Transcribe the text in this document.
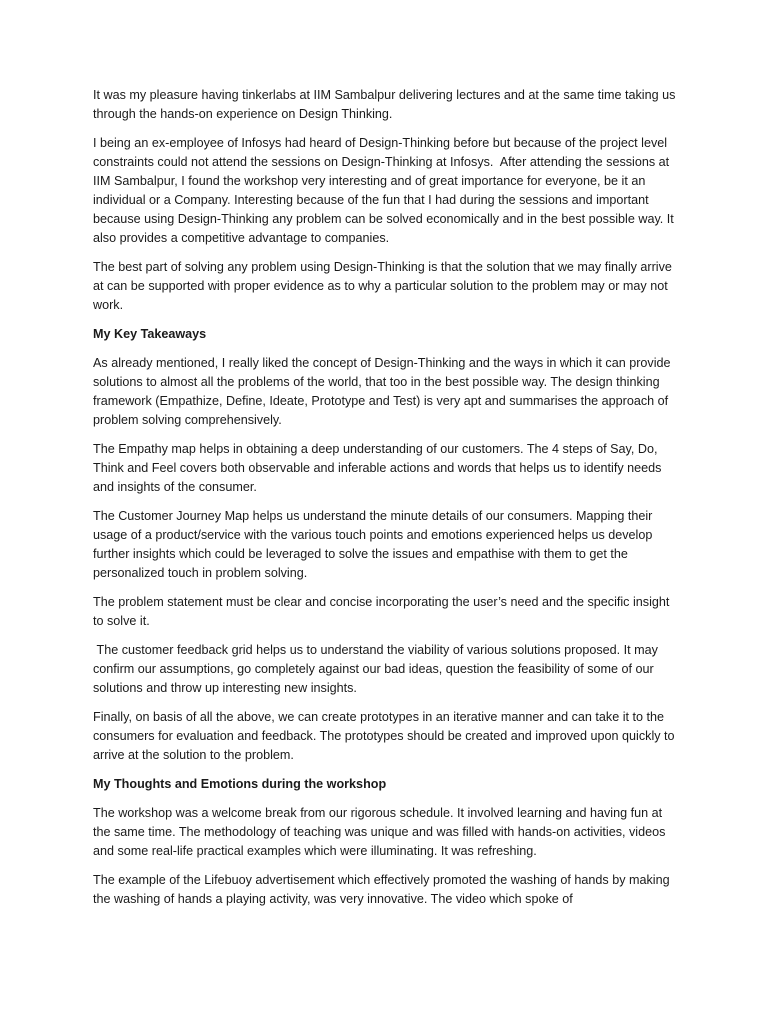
It was my pleasure having tinkerlabs at IIM Sambalpur delivering lectures and at the same time taking us through the hands-on experience on Design Thinking.

I being an ex-employee of Infosys had heard of Design-Thinking before but because of the project level constraints could not attend the sessions on Design-Thinking at Infosys.  After attending the sessions at IIM Sambalpur, I found the workshop very interesting and of great importance for everyone, be it an individual or a Company. Interesting because of the fun that I had during the sessions and important because using Design-Thinking any problem can be solved economically and in the best possible way. It also provides a competitive advantage to companies.

The best part of solving any problem using Design-Thinking is that the solution that we may finally arrive at can be supported with proper evidence as to why a particular solution to the problem may or may not work.

My Key Takeaways

As already mentioned, I really liked the concept of Design-Thinking and the ways in which it can provide solutions to almost all the problems of the world, that too in the best possible way. The design thinking framework (Empathize, Define, Ideate, Prototype and Test) is very apt and summarises the approach of problem solving comprehensively.

The Empathy map helps in obtaining a deep understanding of our customers. The 4 steps of Say, Do, Think and Feel covers both observable and inferable actions and words that helps us to identify needs and insights of the consumer.

The Customer Journey Map helps us understand the minute details of our consumers. Mapping their usage of a product/service with the various touch points and emotions experienced helps us develop further insights which could be leveraged to solve the issues and empathise with them to get the personalized touch in problem solving.

The problem statement must be clear and concise incorporating the user’s need and the specific insight to solve it.

The customer feedback grid helps us to understand the viability of various solutions proposed. It may confirm our assumptions, go completely against our bad ideas, question the feasibility of some of our solutions and throw up interesting new insights.

Finally, on basis of all the above, we can create prototypes in an iterative manner and can take it to the consumers for evaluation and feedback. The prototypes should be created and improved upon quickly to arrive at the solution to the problem.

My Thoughts and Emotions during the workshop

The workshop was a welcome break from our rigorous schedule. It involved learning and having fun at the same time. The methodology of teaching was unique and was filled with hands-on activities, videos and some real-life practical examples which were illuminating. It was refreshing.

The example of the Lifebuoy advertisement which effectively promoted the washing of hands by making the washing of hands a playing activity, was very innovative. The video which spoke of
